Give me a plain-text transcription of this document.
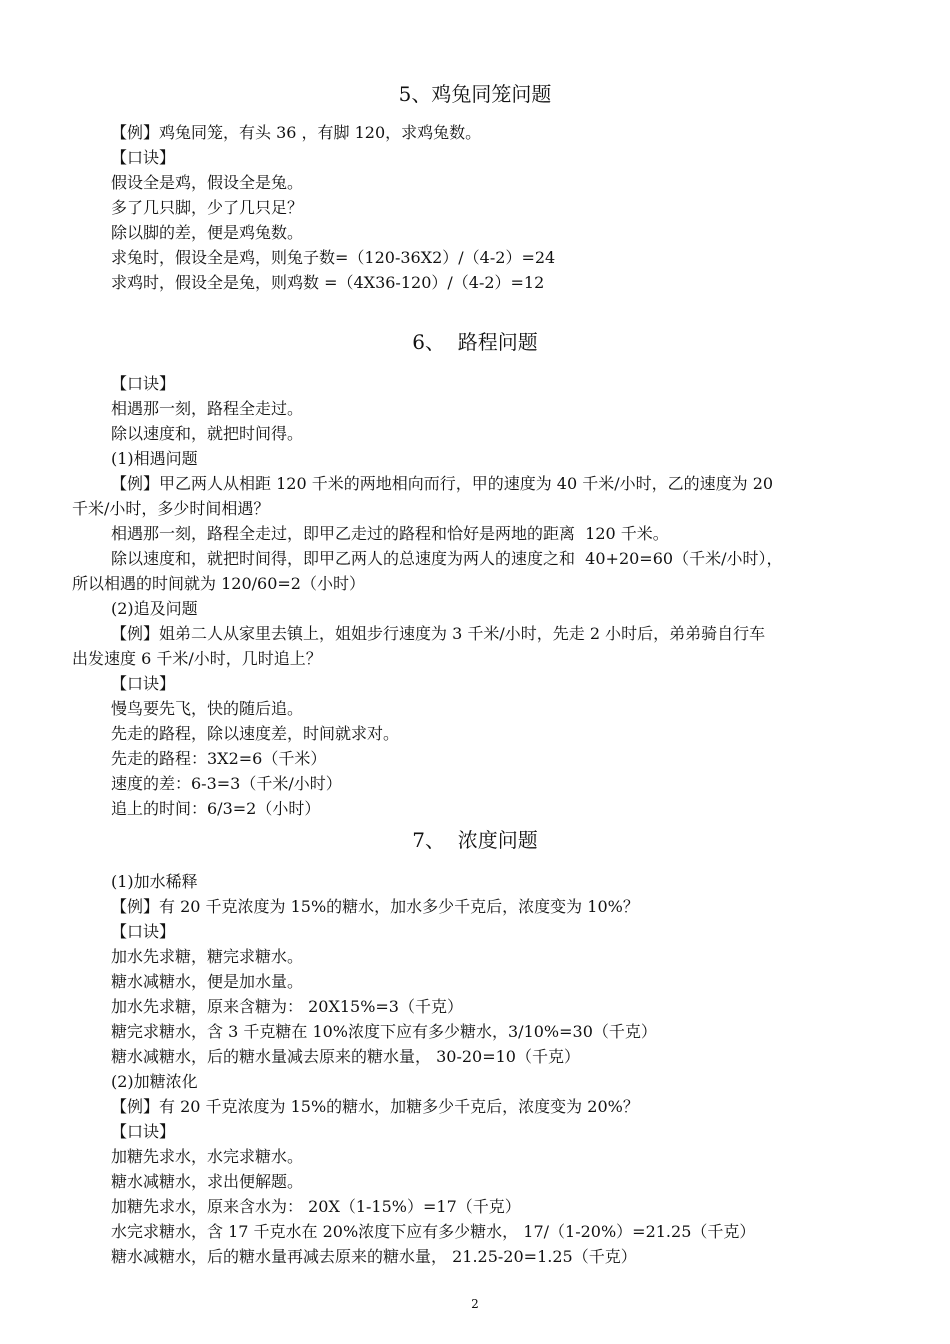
5、鸡兔同笼问题
【例】鸡兔同笼，有头 36 ，有脚 120，求鸡兔数。
【口诀】
假设全是鸡，假设全是兔。
多了几只脚，少了几只足？
除以脚的差，便是鸡兔数。
求兔时，假设全是鸡，则兔子数=（120-36X2）/（4-2）=24
求鸡时，假设全是兔，则鸡数 =（4X36-120）/（4-2）=12
6、  路程问题
【口诀】
相遇那一刻，路程全走过。
除以速度和，就把时间得。
(1)相遇问题
【例】甲乙两人从相距 120 千米的两地相向而行，甲的速度为 40 千米/小时，乙的速度为 20
千米/小时，多少时间相遇？
相遇那一刻，路程全走过，即甲乙走过的路程和恰好是两地的距离  120 千米。
除以速度和，就把时间得，即甲乙两人的总速度为两人的速度之和  40+20=60（千米/小时），
所以相遇的时间就为 120/60=2（小时）
(2)追及问题
【例】姐弟二人从家里去镇上，姐姐步行速度为 3 千米/小时，先走 2 小时后，弟弟骑自行车
出发速度 6 千米/小时，几时追上？
【口诀】
慢鸟要先飞，快的随后追。
先走的路程，除以速度差，时间就求对。
先走的路程：3X2=6（千米）
速度的差：6-3=3（千米/小时）
追上的时间：6/3=2（小时）
7、  浓度问题
(1)加水稀释
【例】有 20 千克浓度为 15%的糖水，加水多少千克后，浓度变为 10%？
【口诀】
加水先求糖，糖完求糖水。
糖水减糖水，便是加水量。
加水先求糖，原来含糖为： 20X15%=3（千克）
糖完求糖水，含 3 千克糖在 10%浓度下应有多少糖水，3/10%=30（千克）
糖水减糖水，后的糖水量减去原来的糖水量， 30-20=10（千克）
(2)加糖浓化
【例】有 20 千克浓度为 15%的糖水，加糖多少千克后，浓度变为 20%？
【口诀】
加糖先求水，水完求糖水。
糖水减糖水，求出便解题。
加糖先求水，原来含水为： 20X（1-15%）=17（千克）
水完求糖水，含 17 千克水在 20%浓度下应有多少糖水， 17/（1-20%）=21.25（千克）
糖水减糖水，后的糖水量再减去原来的糖水量， 21.25-20=1.25（千克）
2
